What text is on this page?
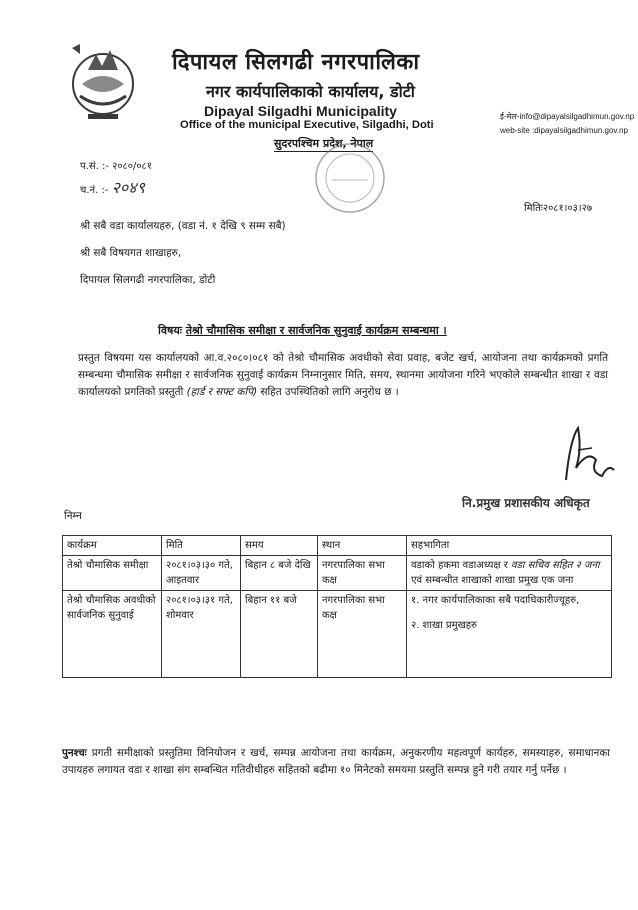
दिपायल सिलगढी नगरपालिका
नगर कार्यपालिकाको कार्यालय, डोटी
Dipayal Silgadhi Municipality
Office of the municipal Executive, Silgadhi, Doti
सुदरपश्चिम प्रदेश, नेपाल
ई-मेल-info@dipayalsilgadhimun.gov.np
web-site :dipayalsilgadhimun.gov.np
प.सं. :- २०८०/०८१
च.नं. :- २०४९
मितिः२०८१।०३।२७
श्री सबै वडा कार्यालयहरु, (वडा नं. १ देखि ९ सम्म सबै)
श्री सबै विषयगत शाखाहरु,
दिपायल सिलगढी नगरपालिका, डोटी
विषयः तेश्रो चौमासिक समीक्षा र सार्वजनिक सुनुवाई कार्यक्रम सम्बन्धमा ।
प्रस्तुत विषयमा यस कार्यालयको आ.व.२०८०।०८१ को तेश्रो चौमासिक अवधीको सेवा प्रवाह, बजेट खर्च, आयोजना तथा कार्यक्रमको प्रगति सम्बन्धमा चौमासिक समीक्षा र सार्वजनिक सुनुवाई कार्यक्रम निम्नानुसार मिति, समय, स्थानमा आयोजना गरिने भएकोले सम्बन्धीत शाखा र वडा कार्यालयको प्रगतिको प्रस्तुती (हार्ड र सफ्ट कपि) सहित उपस्थितिको लागि अनुरोध छ ।
नि.प्रमुख प्रशासकीय अधिकृत
निम्न
कार्यक्रम	मिति	समय	स्थान	सहभागिता
तेश्रो चौमासिक समीक्षा	२०८१।०३।३० गते, आइतवार	बिहान ८ बजे देखि	नगरपालिका सभा कक्ष	वडाको हकमा वडाअध्यक्ष र वडा सचिव सहित २ जना एवं सम्बन्धीत शाखाको शाखा प्रमुख एक जना
तेश्रो चौमासिक अवधीको सार्वजनिक सुनुवाई	२०८१।०३।३१ गते, शोमवार	बिहान ११ बजे	नगरपालिका सभा कक्ष	१. नगर कार्यपालिकाका सबै पदाधिकारीज्यूहरु,
२. शाखा प्रमुखहरु
पुनश्चः प्रगती समीक्षाको प्रस्तुतिमा विनियोजन र खर्च, सम्पन्न आयोजना तथा कार्यक्रम, अनुकरणीय महत्वपूर्ण कार्यहरु, समस्याहरु, समाधानका उपायहरु लगायत वडा र शाखा संग सम्बन्धित गतिवीधीहरु सहितको बढीमा १० मिनेटको समयमा प्रस्तुति सम्पन्न हुने गरी तयार गर्नु पर्नेछ ।
